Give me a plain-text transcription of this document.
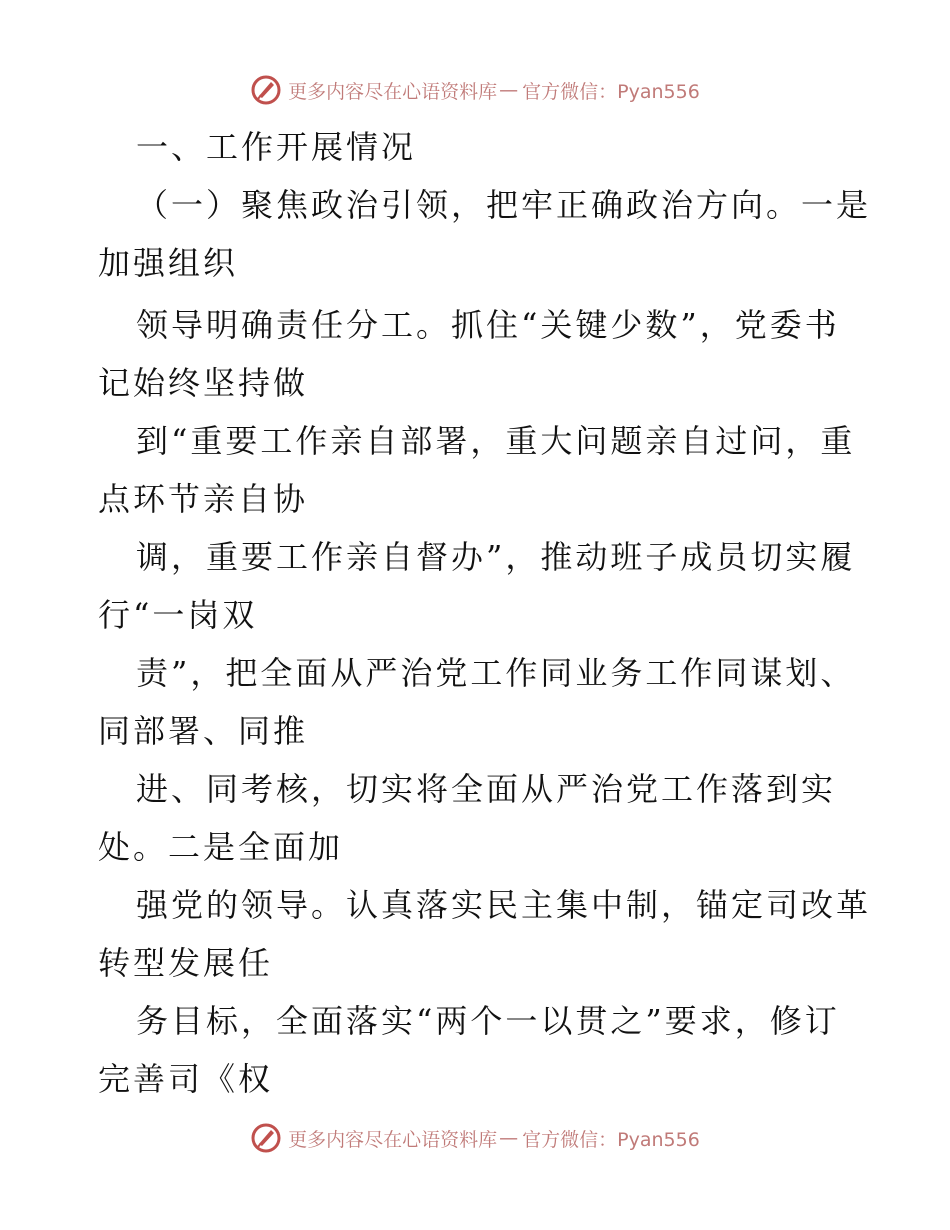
更多内容尽在心语资料库 — 官方微信：Pyan556
一、工作开展情况
（一）聚焦政治引领，把牢正确政治方向。一是
加强组织
领导明确责任分工。抓住“关键少数”，党委书
记始终坚持做
到“重要工作亲自部署，重大问题亲自过问，重
点环节亲自协
调，重要工作亲自督办”，推动班子成员切实履
行“一岗双
责”，把全面从严治党工作同业务工作同谋划、
同部署、同推
进、同考核，切实将全面从严治党工作落到实
处。二是全面加
强党的领导。认真落实民主集中制，锚定司改革
转型发展任
务目标，全面落实“两个一以贯之”要求，修订
完善司《权
更多内容尽在心语资料库 — 官方微信：Pyan556
